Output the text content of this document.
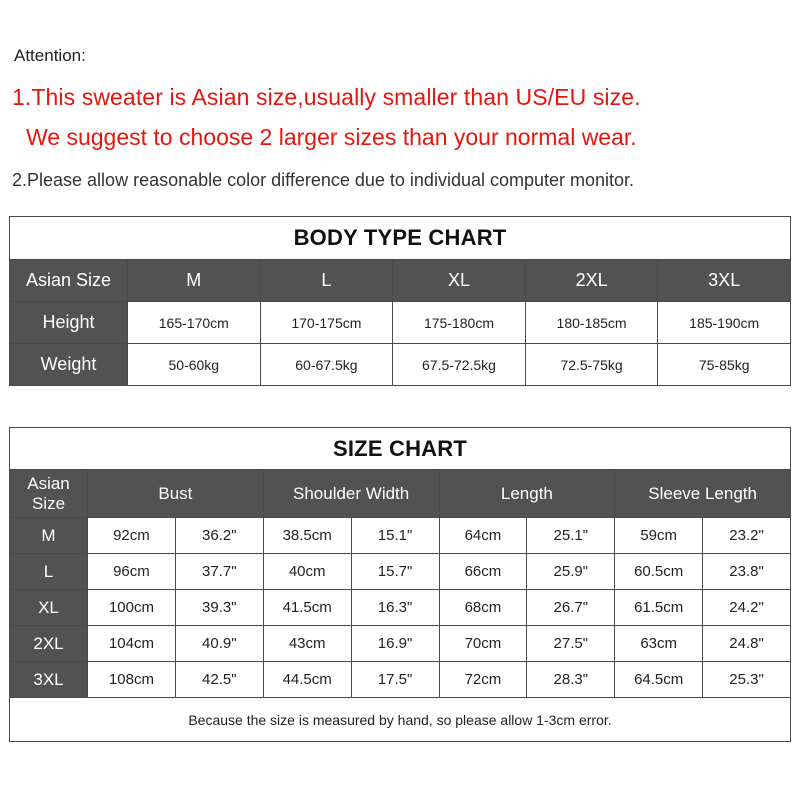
Attention:
1.This sweater is Asian size,usually smaller than US/EU size.
We suggest to choose 2 larger sizes than your normal wear.
2.Please allow reasonable color difference due to individual computer monitor.
BODY TYPE CHART					
Asian Size	M	L	XL	2XL	3XL
Height	165-170cm	170-175cm	175-180cm	180-185cm	185-190cm
Weight	50-60kg	60-67.5kg	67.5-72.5kg	72.5-75kg	75-85kg
SIZE CHART								
Asian
Size	Bust		Shoulder Width		Length		Sleeve Length	
M	92cm	36.2"	38.5cm	15.1"	64cm	25.1"	59cm	23.2"
L	96cm	37.7"	40cm	15.7"	66cm	25.9"	60.5cm	23.8"
XL	100cm	39.3"	41.5cm	16.3"	68cm	26.7"	61.5cm	24.2"
2XL	104cm	40.9"	43cm	16.9"	70cm	27.5"	63cm	24.8"
3XL	108cm	42.5"	44.5cm	17.5"	72cm	28.3"	64.5cm	25.3"
Because the size is measured by hand, so please allow 1-3cm error.								
